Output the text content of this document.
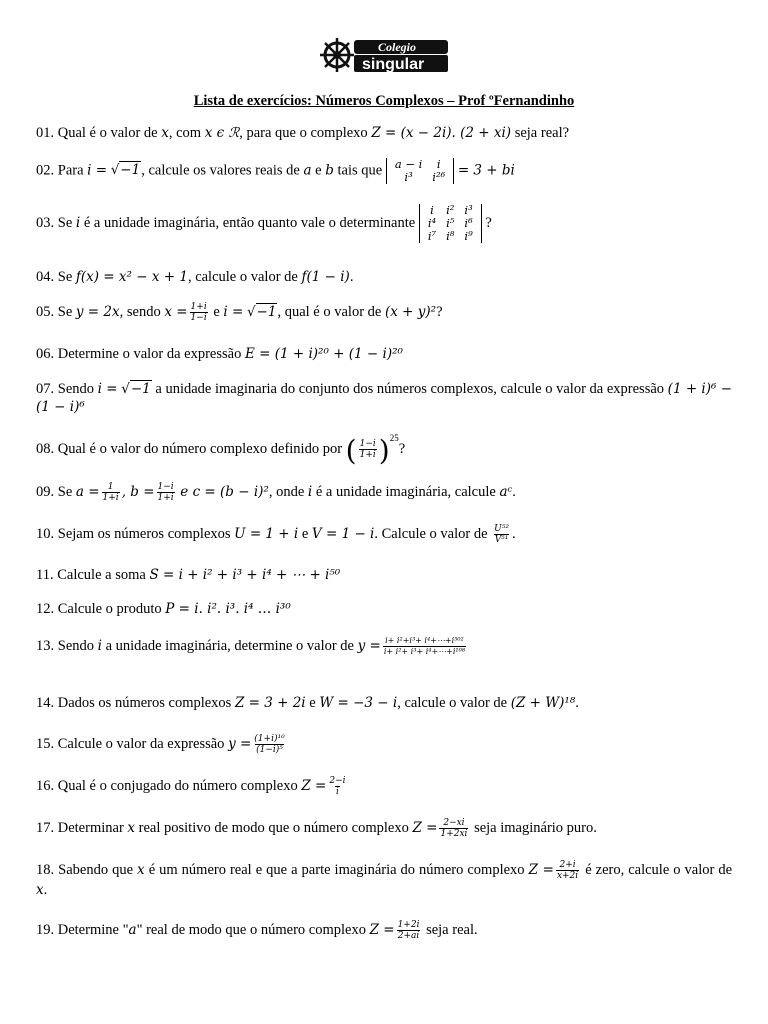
Colegio
singular
Lista de exercícios: Números Complexos – Prof ºFernandinho
01. Qual é o valor de x, com x ϵ ℛ, para que o complexo Z = (x − 2i). (2 + xi) seja real?
02. Para i = √−1, calcule os valores reais de a e b tais que a − i	i
i³	i²⁶ = 3 + bi
03. Se i é a unidade imaginária, então quanto vale o determinante
i	i²	i³
i⁴	i⁵	i⁶
i⁷	i⁸	i⁹
?
04. Se f(x) = x² − x + 1, calcule o valor de f(1 − i).
05. Se y = 2x, sendo $x = \frac{1+i}{1-i}$ e i = √−1, qual é o valor de (x + y)²?
06. Determine o valor da expressão E = (1 + i)²⁰ + (1 − i)²⁰
07. Sendo i = √−1 a unidade imaginaria do conjunto dos números complexos, calcule o valor da expressão (1 + i)⁶ − (1 − i)⁶
08. Qual é o valor do número complexo definido por ( $\frac{1-i}{1+i} )^{25}$?
09. Se $a = \frac{1}{1+i}$ , $b = \frac{1-i}{1+i}$ e c = (b − i)², onde i é a unidade imaginária, calcule aᶜ.
10. Sejam os números complexos U = 1 + i e V = 1 − i. Calcule o valor de $\frac{\text{U⁵²}}{\text{V⁵¹}}$ .
11. Calcule a soma S = i + i² + i³ + i⁴ + ⋯ + i⁵⁰
12. Calcule o produto P = i. i². i³. i⁴ … i³⁰
13. Sendo i a unidade imaginária, determine o valor de $y = \frac{\text{i+ i²+i³+ i⁴+⋯+i⁵⁰²}}{\text{i+ i²+ i³+ i⁴+⋯+i¹⁰⁸}}$
14. Dados os números complexos Z = 3 + 2i e W = −3 − i, calcule o valor de (Z + W)¹⁸.
15. Calcule o valor da expressão $y = \frac{\text{(1+i)¹⁰}}{\text{(1−i)⁵}}$
16. Qual é o conjugado do número complexo $Z = \frac{2-i}{i}$
17. Determinar x real positivo de modo que o número complexo $Z = \frac{2-xi}{1+2xi}$ seja imaginário puro.
18. Sabendo que x é um número real e que a parte imaginária do número complexo $Z = \frac{2+i}{x+2i}$ é zero, calcule o valor de x.
19. Determine "a" real de modo que o número complexo $Z = \frac{1+2i}{2+ai}$ seja real.
